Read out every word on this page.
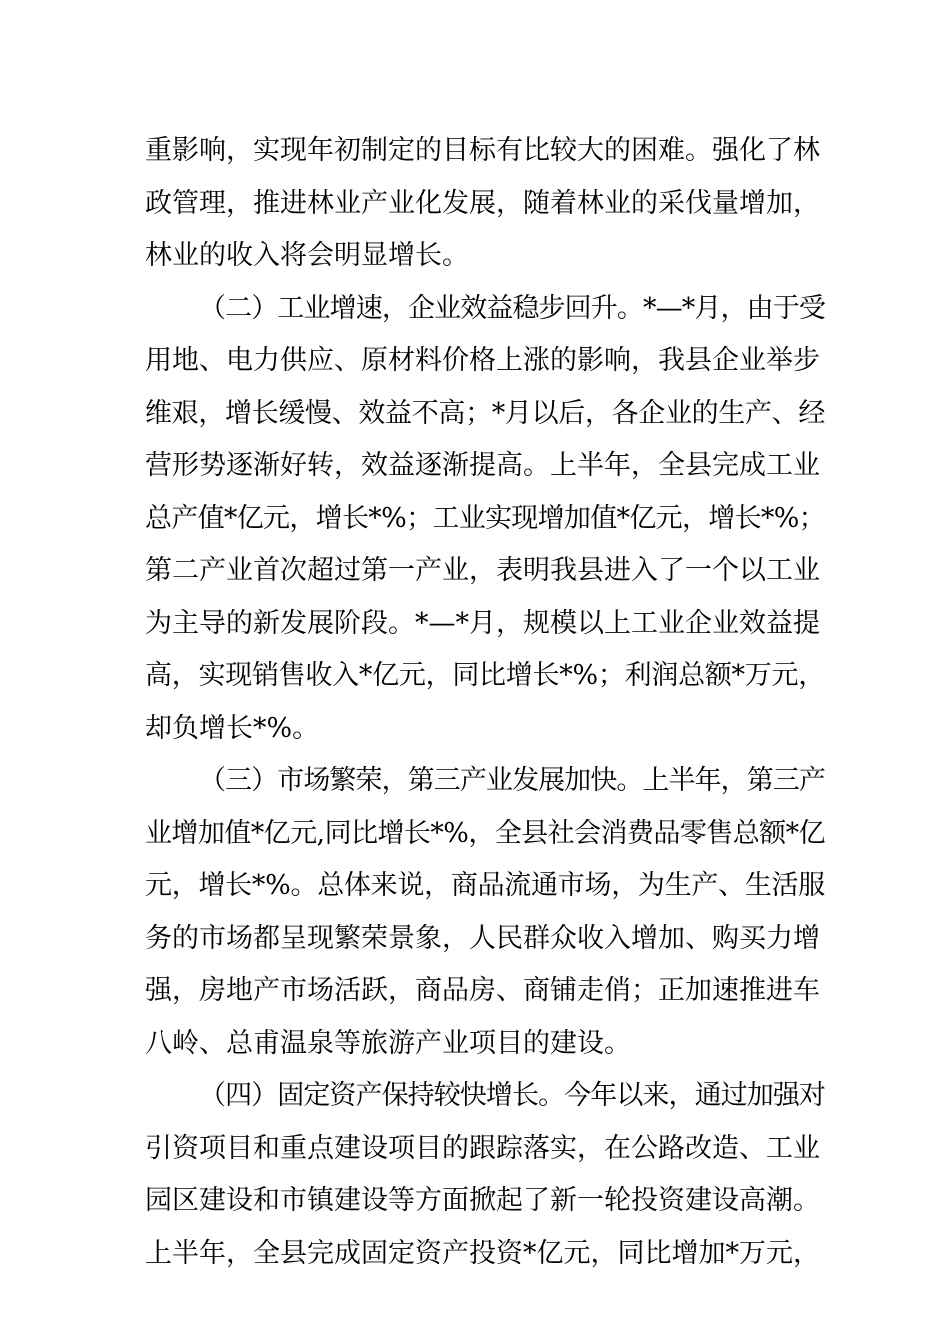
重影响，实现年初制定的目标有比较大的困难。强化了林
政管理，推进林业产业化发展，随着林业的采伐量增加，
林业的收入将会明显增长。
（二）工业增速，企业效益稳步回升。*—*月，由于受
用地、电力供应、原材料价格上涨的影响，我县企业举步
维艰，增长缓慢、效益不高；*月以后，各企业的生产、经
营形势逐渐好转，效益逐渐提高。上半年，全县完成工业
总产值*亿元，增长*%；工业实现增加值*亿元，增长*%；
第二产业首次超过第一产业，表明我县进入了一个以工业
为主导的新发展阶段。*—*月，规模以上工业企业效益提
高，实现销售收入*亿元，同比增长*%；利润总额*万元，
却负增长*%。
（三）市场繁荣，第三产业发展加快。上半年，第三产
业增加值*亿元,同比增长*%，全县社会消费品零售总额*亿
元，增长*%。总体来说，商品流通市场，为生产、生活服
务的市场都呈现繁荣景象，人民群众收入增加、购买力增
强，房地产市场活跃，商品房、商铺走俏；正加速推进车
八岭、总甫温泉等旅游产业项目的建设。
（四）固定资产保持较快增长。今年以来，通过加强对
引资项目和重点建设项目的跟踪落实，在公路改造、工业
园区建设和市镇建设等方面掀起了新一轮投资建设高潮。
上半年，全县完成固定资产投资*亿元，同比增加*万元，
